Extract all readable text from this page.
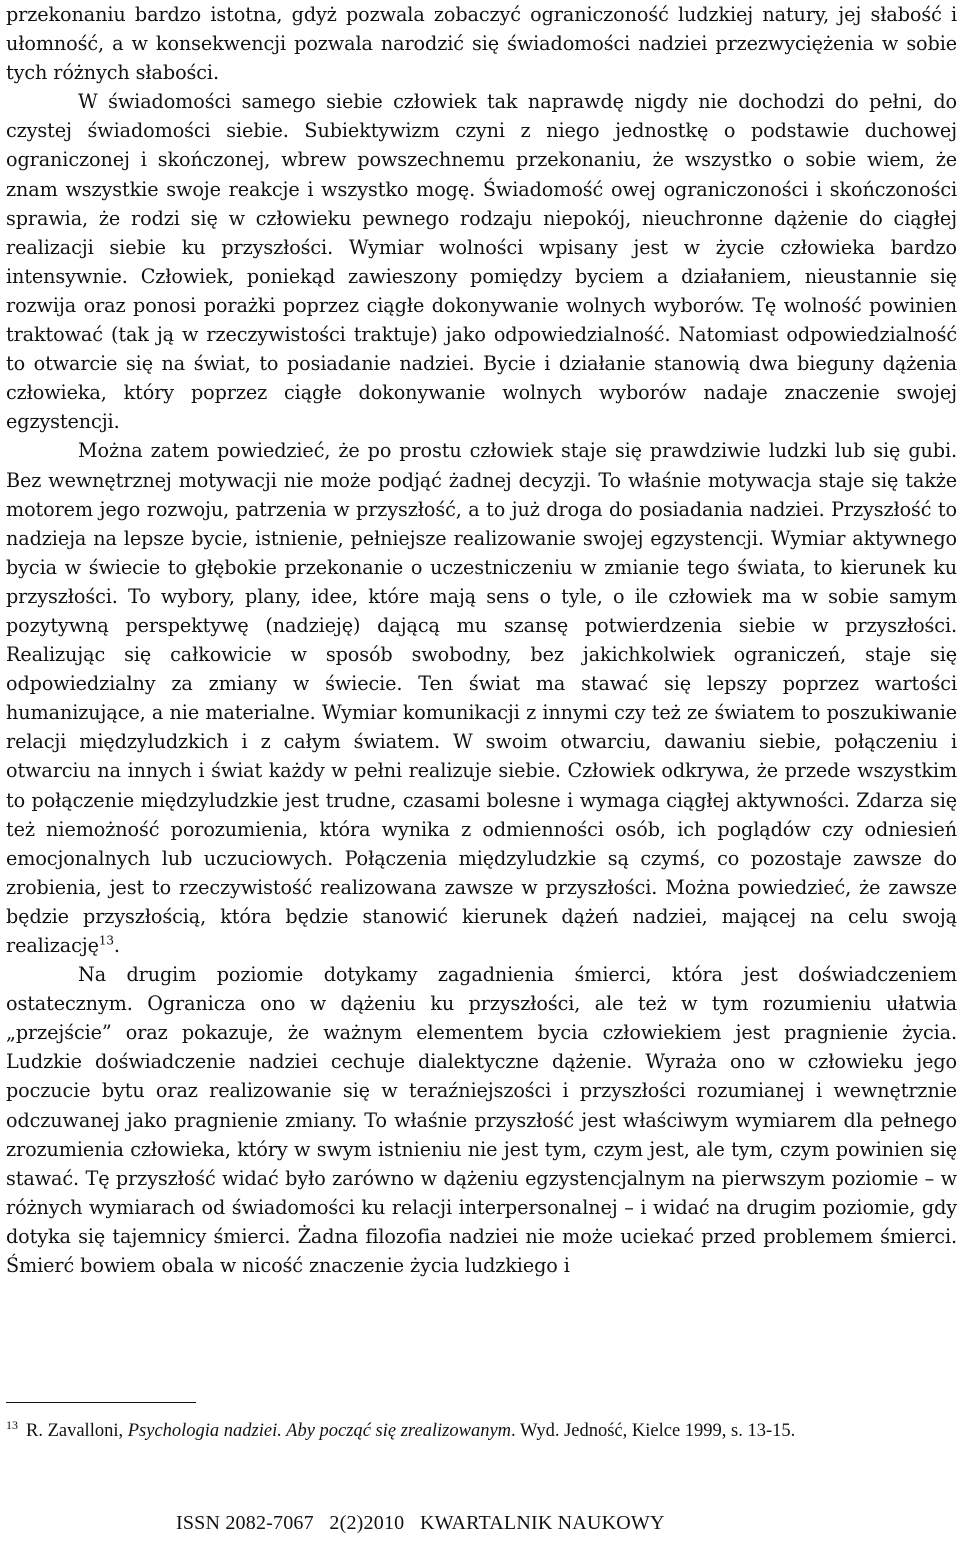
przekonaniu bardzo istotna, gdyż pozwala zobaczyć ograniczoność ludzkiej natury, jej słabość i ułomność, a w konsekwencji pozwala narodzić się świadomości nadziei przezwyciężenia w sobie tych różnych słabości.

W świadomości samego siebie człowiek tak naprawdę nigdy nie dochodzi do pełni, do czystej świadomości siebie. Subiektywizm czyni z niego jednostkę o podstawie duchowej ograniczonej i skończonej, wbrew powszechnemu przekonaniu, że wszystko o sobie wiem, że znam wszystkie swoje reakcje i wszystko mogę. Świadomość owej ograniczoności i skończoności sprawia, że rodzi się w człowieku pewnego rodzaju niepokój, nieuchronne dążenie do ciągłej realizacji siebie ku przyszłości. Wymiar wolności wpisany jest w życie człowieka bardzo intensywnie. Człowiek, poniekąd zawieszony pomiędzy byciem a działaniem, nieustannie się rozwija oraz ponosi porażki poprzez ciągłe dokonywanie wolnych wyborów. Tę wolność powinien traktować (tak ją w rzeczywistości traktuje) jako odpowiedzialność. Natomiast odpowiedzialność to otwarcie się na świat, to posiadanie nadziei. Bycie i działanie stanowią dwa bieguny dążenia człowieka, który poprzez ciągłe dokonywanie wolnych wyborów nadaje znaczenie swojej egzystencji.

Można zatem powiedzieć, że po prostu człowiek staje się prawdziwie ludzki lub się gubi. Bez wewnętrznej motywacji nie może podjąć żadnej decyzji. To właśnie motywacja staje się także motorem jego rozwoju, patrzenia w przyszłość, a to już droga do posiadania nadziei. Przyszłość to nadzieja na lepsze bycie, istnienie, pełniejsze realizowanie swojej egzystencji. Wymiar aktywnego bycia w świecie to głębokie przekonanie o uczestniczeniu w zmianie tego świata, to kierunek ku przyszłości. To wybory, plany, idee, które mają sens o tyle, o ile człowiek ma w sobie samym pozytywną perspektywę (nadzieję) dającą mu szansę potwierdzenia siebie w przyszłości. Realizując się całkowicie w sposób swobodny, bez jakichkolwiek ograniczeń, staje się odpowiedzialny za zmiany w świecie. Ten świat ma stawać się lepszy poprzez wartości humanizujące, a nie materialne. Wymiar komunikacji z innymi czy też ze światem to poszukiwanie relacji międzyludzkich i z całym światem. W swoim otwarciu, dawaniu siebie, połączeniu i otwarciu na innych i świat każdy w pełni realizuje siebie. Człowiek odkrywa, że przede wszystkim to połączenie międzyludzkie jest trudne, czasami bolesne i wymaga ciągłej aktywności. Zdarza się też niemożność porozumienia, która wynika z odmienności osób, ich poglądów czy odniesień emocjonalnych lub uczuciowych. Połączenia międzyludzkie są czymś, co pozostaje zawsze do zrobienia, jest to rzeczywistość realizowana zawsze w przyszłości. Można powiedzieć, że zawsze będzie przyszłością, która będzie stanowić kierunek dążeń nadziei, mającej na celu swoją realizację$^{13}$.

Na drugim poziomie dotykamy zagadnienia śmierci, która jest doświadczeniem ostatecznym. Ogranicza ono w dążeniu ku przyszłości, ale też w tym rozumieniu ułatwia „przejście” oraz pokazuje, że ważnym elementem bycia człowiekiem jest pragnienie życia. Ludzkie doświadczenie nadziei cechuje dialektyczne dążenie. Wyraża ono w człowieku jego poczucie bytu oraz realizowanie się w teraźniejszości i przyszłości rozumianej i wewnętrznie odczuwanej jako pragnienie zmiany. To właśnie przyszłość jest właściwym wymiarem dla pełnego zrozumienia człowieka, który w swym istnieniu nie jest tym, czym jest, ale tym, czym powinien się stawać. Tę przyszłość widać było zarówno w dążeniu egzystencjalnym na pierwszym poziomie – w różnych wymiarach od świadomości ku relacji interpersonalnej – i widać na drugim poziomie, gdy dotyka się tajemnicy śmierci. Żadna filozofia nadziei nie może uciekać przed problemem śmierci. Śmierć bowiem obala w nicość znaczenie życia ludzkiego i

$^{13}$ R. Zavalloni, Psychologia nadziei. Aby począć się zrealizowanym. Wyd. Jedność, Kielce 1999, s. 13-15.

ISSN 2082-7067 2(2)2010 KWARTALNIK NAUKOWY
